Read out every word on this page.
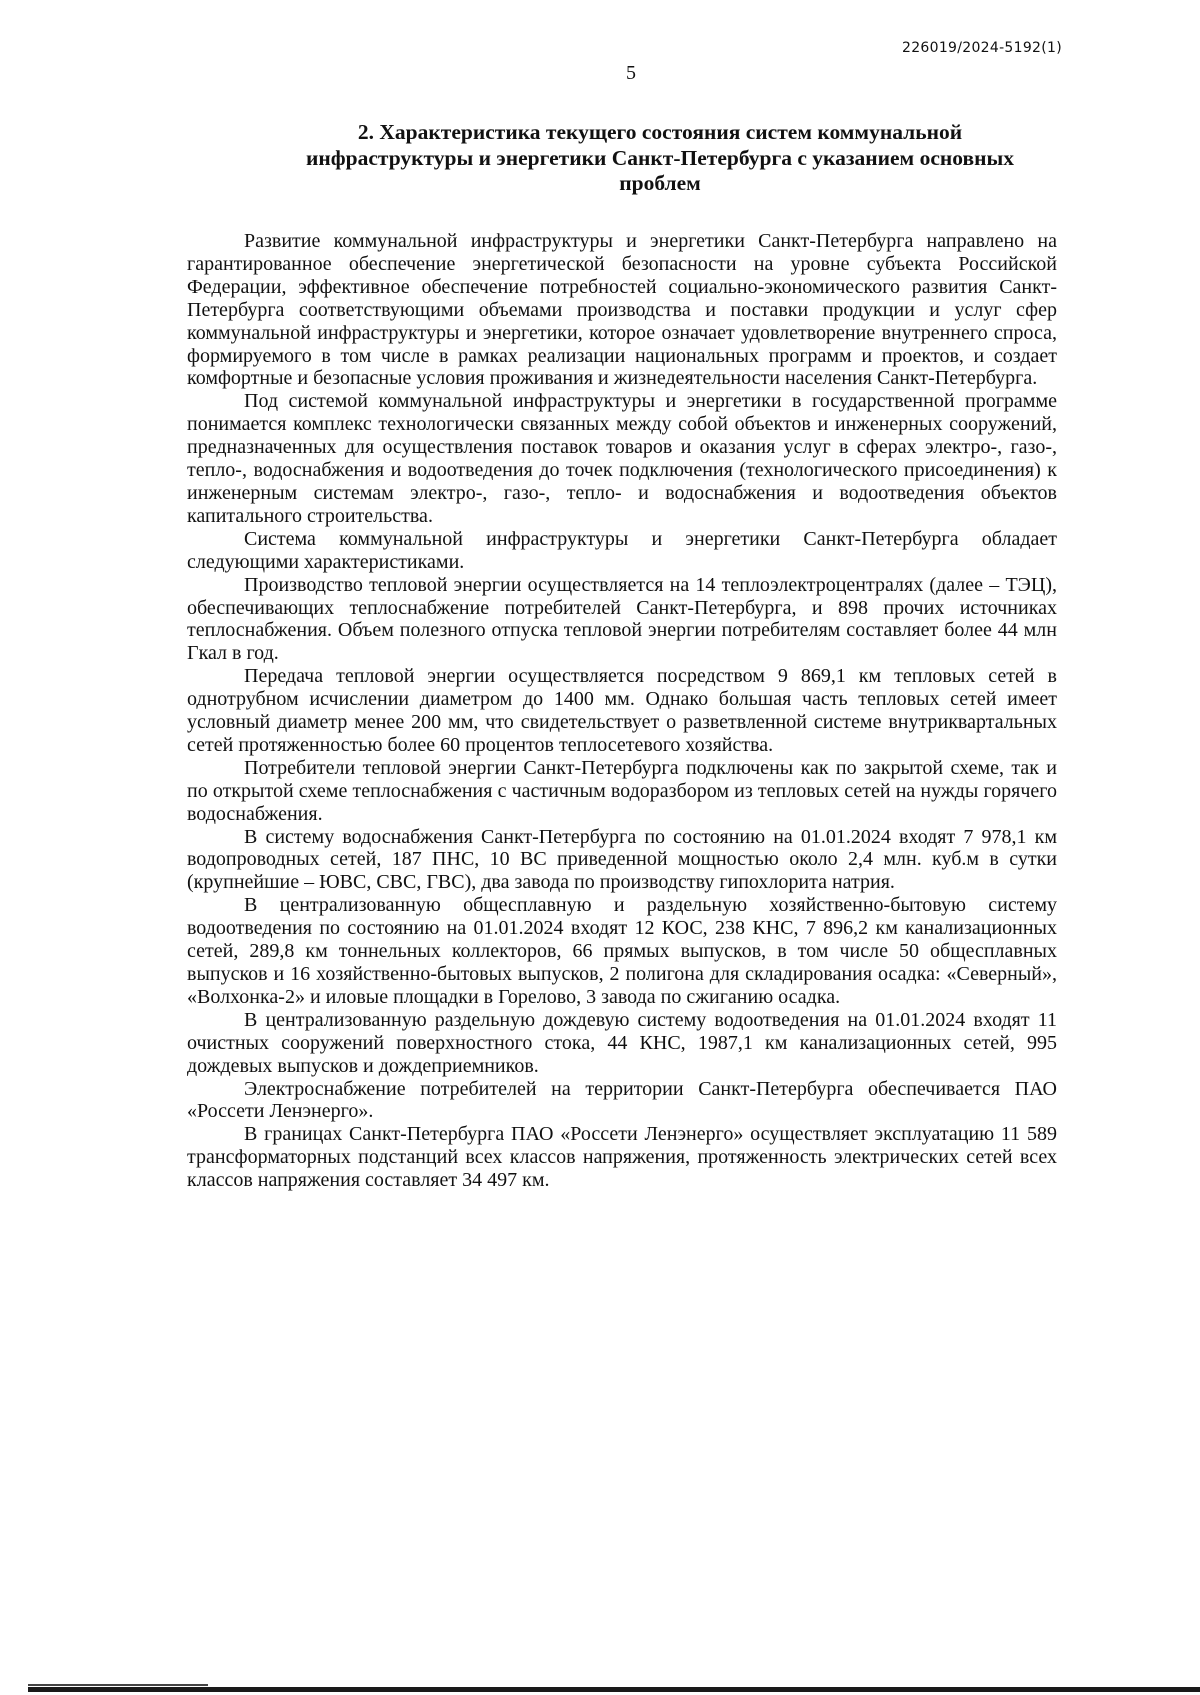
226019/2024-5192(1)
5
2. Характеристика текущего состояния систем коммунальной инфраструктуры и энергетики Санкт-Петербурга с указанием основных проблем

Развитие коммунальной инфраструктуры и энергетики Санкт-Петербурга направлено на гарантированное обеспечение энергетической безопасности на уровне субъекта Российской Федерации, эффективное обеспечение потребностей социально-экономического развития Санкт-Петербурга соответствующими объемами производства и поставки продукции и услуг сфер коммунальной инфраструктуры и энергетики, которое означает удовлетворение внутреннего спроса, формируемого в том числе в рамках реализации национальных программ и проектов, и создает комфортные и безопасные условия проживания и жизнедеятельности населения Санкт-Петербурга.

Под системой коммунальной инфраструктуры и энергетики в государственной программе понимается комплекс технологически связанных между собой объектов и инженерных сооружений, предназначенных для осуществления поставок товаров и оказания услуг в сферах электро-, газо-, тепло-, водоснабжения и водоотведения до точек подключения (технологического присоединения) к инженерным системам электро-, газо-, тепло- и водоснабжения и водоотведения объектов капитального строительства.

Система коммунальной инфраструктуры и энергетики Санкт-Петербурга обладает следующими характеристиками.

Производство тепловой энергии осуществляется на 14 теплоэлектроцентралях (далее – ТЭЦ), обеспечивающих теплоснабжение потребителей Санкт-Петербурга, и 898 прочих источниках теплоснабжения. Объем полезного отпуска тепловой энергии потребителям составляет более 44 млн Гкал в год.

Передача тепловой энергии осуществляется посредством 9 869,1 км тепловых сетей в однотрубном исчислении диаметром до 1400 мм. Однако большая часть тепловых сетей имеет условный диаметр менее 200 мм, что свидетельствует о разветвленной системе внутриквартальных сетей протяженностью более 60 процентов теплосетевого хозяйства.

Потребители тепловой энергии Санкт-Петербурга подключены как по закрытой схеме, так и по открытой схеме теплоснабжения с частичным водоразбором из тепловых сетей на нужды горячего водоснабжения.

В систему водоснабжения Санкт-Петербурга по состоянию на 01.01.2024 входят 7 978,1 км водопроводных сетей, 187 ПНС, 10 ВС приведенной мощностью около 2,4 млн. куб.м в сутки (крупнейшие – ЮВС, СВС, ГВС), два завода по производству гипохлорита натрия.

В централизованную общесплавную и раздельную хозяйственно-бытовую систему водоотведения по состоянию на 01.01.2024 входят 12 КОС, 238 КНС, 7 896,2 км канализационных сетей, 289,8 км тоннельных коллекторов, 66 прямых выпусков, в том числе 50 общесплавных выпусков и 16 хозяйственно-бытовых выпусков, 2 полигона для складирования осадка: «Северный», «Волхонка-2» и иловые площадки в Горелово, 3 завода по сжиганию осадка.

В централизованную раздельную дождевую систему водоотведения на 01.01.2024 входят 11 очистных сооружений поверхностного стока, 44 КНС, 1987,1 км канализационных сетей, 995 дождевых выпусков и дождеприемников.

Электроснабжение потребителей на территории Санкт-Петербурга обеспечивается ПАО «Россети Ленэнерго».

В границах Санкт-Петербурга ПАО «Россети Ленэнерго» осуществляет эксплуатацию 11 589 трансформаторных подстанций всех классов напряжения, протяженность электрических сетей всех классов напряжения составляет 34 497 км.
